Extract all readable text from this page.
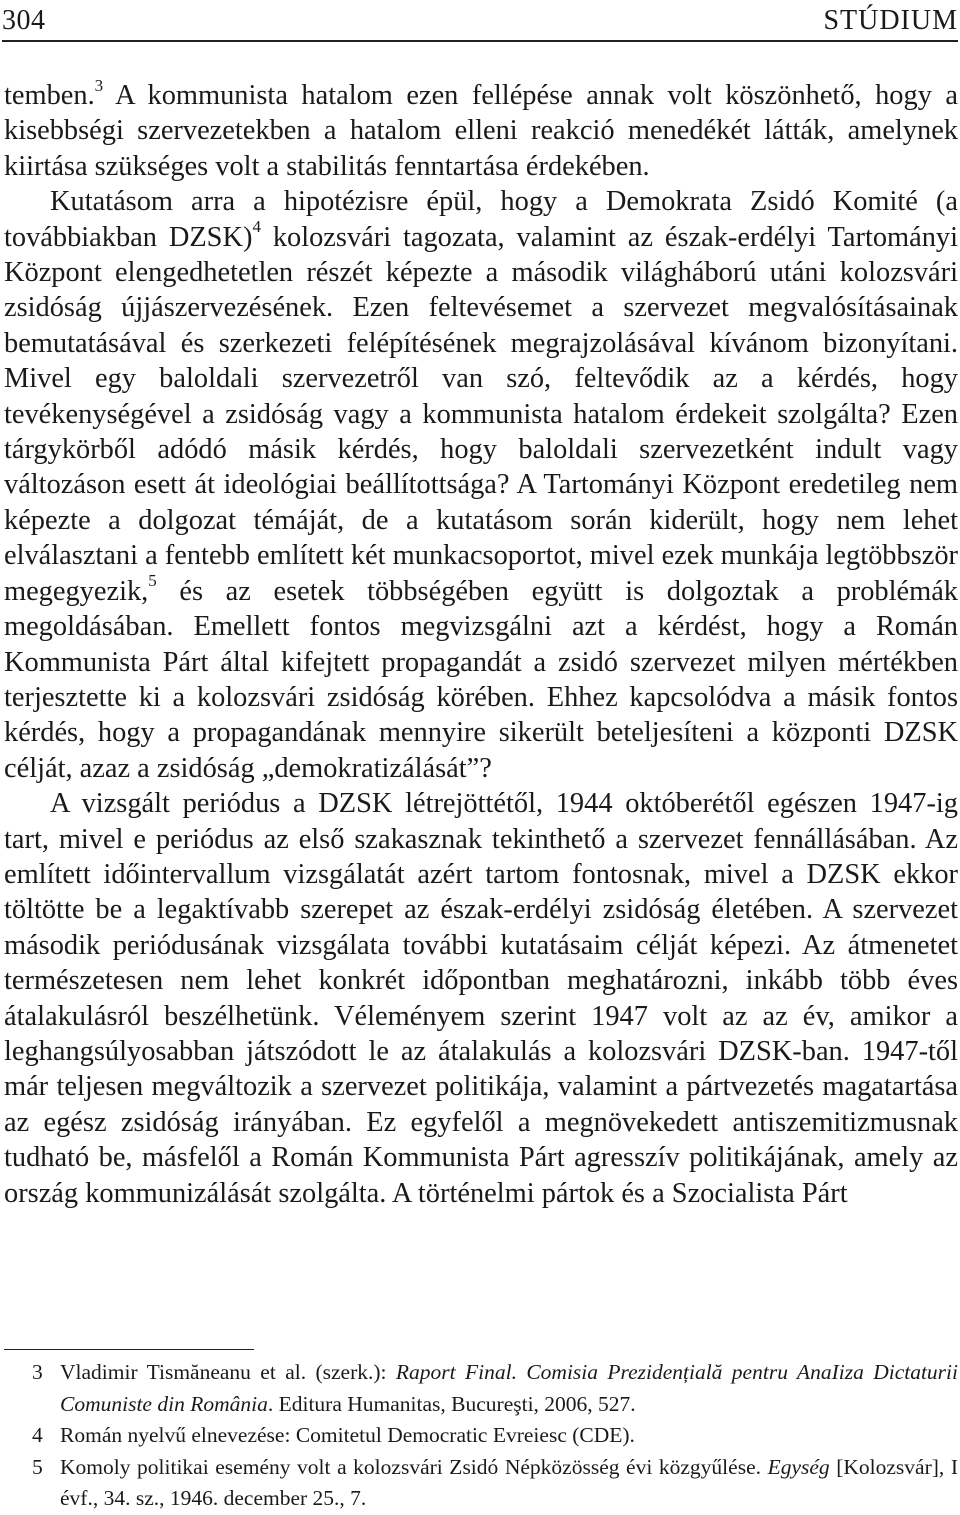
304	STÚDIUM

temben.$^3$ A kommunista hatalom ezen fellépése annak volt köszönhető, hogy a kisebbségi szervezetekben a hatalom elleni reakció menedékét látták, amelynek kiirtása szükséges volt a stabilitás fenntartása érdekében.

Kutatásom arra a hipotézisre épül, hogy a Demokrata Zsidó Komité (a továbbiakban DZSK)$^4$ kolozsvári tagozata, valamint az észak-erdélyi Tartományi Központ elengedhetetlen részét képezte a második világháború utáni kolozsvári zsidóság újjászervezésének. Ezen feltevésemet a szervezet megvalósításainak bemutatásával és szerkezeti felépítésének megrajzolásával kívánom bizonyítani. Mivel egy baloldali szervezetről van szó, feltevődik az a kérdés, hogy tevékenységével a zsidóság vagy a kommunista hatalom érdekeit szolgálta? Ezen tárgykörből adódó másik kérdés, hogy baloldali szervezetként indult vagy változáson esett át ideológiai beállítottsága? A Tartományi Központ eredetileg nem képezte a dolgozat témáját, de a kutatásom során kiderült, hogy nem lehet elválasztani a fentebb említett két munkacsoportot, mivel ezek munkája legtöbbször megegyezik,$^5$ és az esetek többségében együtt is dolgoztak a problémák megoldásában. Emellett fontos megvizsgálni azt a kérdést, hogy a Román Kommunista Párt által kifejtett propagandát a zsidó szervezet milyen mértékben terjesztette ki a kolozsvári zsidóság körében. Ehhez kapcsolódva a másik fontos kérdés, hogy a propagandának mennyire sikerült beteljesíteni a központi DZSK célját, azaz a zsidóság „demokratizálását”?

A vizsgált periódus a DZSK létrejöttétől, 1944 októberétől egészen 1947-ig tart, mivel e periódus az első szakasznak tekinthető a szervezet fennállásában. Az említett időintervallum vizsgálatát azért tartom fontosnak, mivel a DZSK ekkor töltötte be a legaktívabb szerepet az észak-erdélyi zsidóság életében. A szervezet második periódusának vizsgálata további kutatásaim célját képezi. Az átmenetet természetesen nem lehet konkrét időpontban meghatározni, inkább több éves átalakulásról beszélhetünk. Véleményem szerint 1947 volt az az év, amikor a leghangsúlyosabban játszódott le az átalakulás a kolozsvári DZSK-ban. 1947-től már teljesen megváltozik a szervezet politikája, valamint a pártvezetés magatartása az egész zsidóság irányában. Ez egyfelől a megnövekedett antiszemitizmusnak tudható be, másfelől a Román Kommunista Párt agresszív politikájának, amely az ország kommunizálását szolgálta. A történelmi pártok és a Szocialista Párt

3 Vladimir Tismăneanu et al. (szerk.): Raport Final. Comisia Prezidențială pentru AnaIiza Dictaturii Comuniste din România. Editura Humanitas, Bucureşti, 2006, 527.
4 Román nyelvű elnevezése: Comitetul Democratic Evreiesc (CDE).
5 Komoly politikai esemény volt a kolozsvári Zsidó Népközösség évi közgyűlése. Egység [Kolozsvár], I évf., 34. sz., 1946. december 25., 7.
